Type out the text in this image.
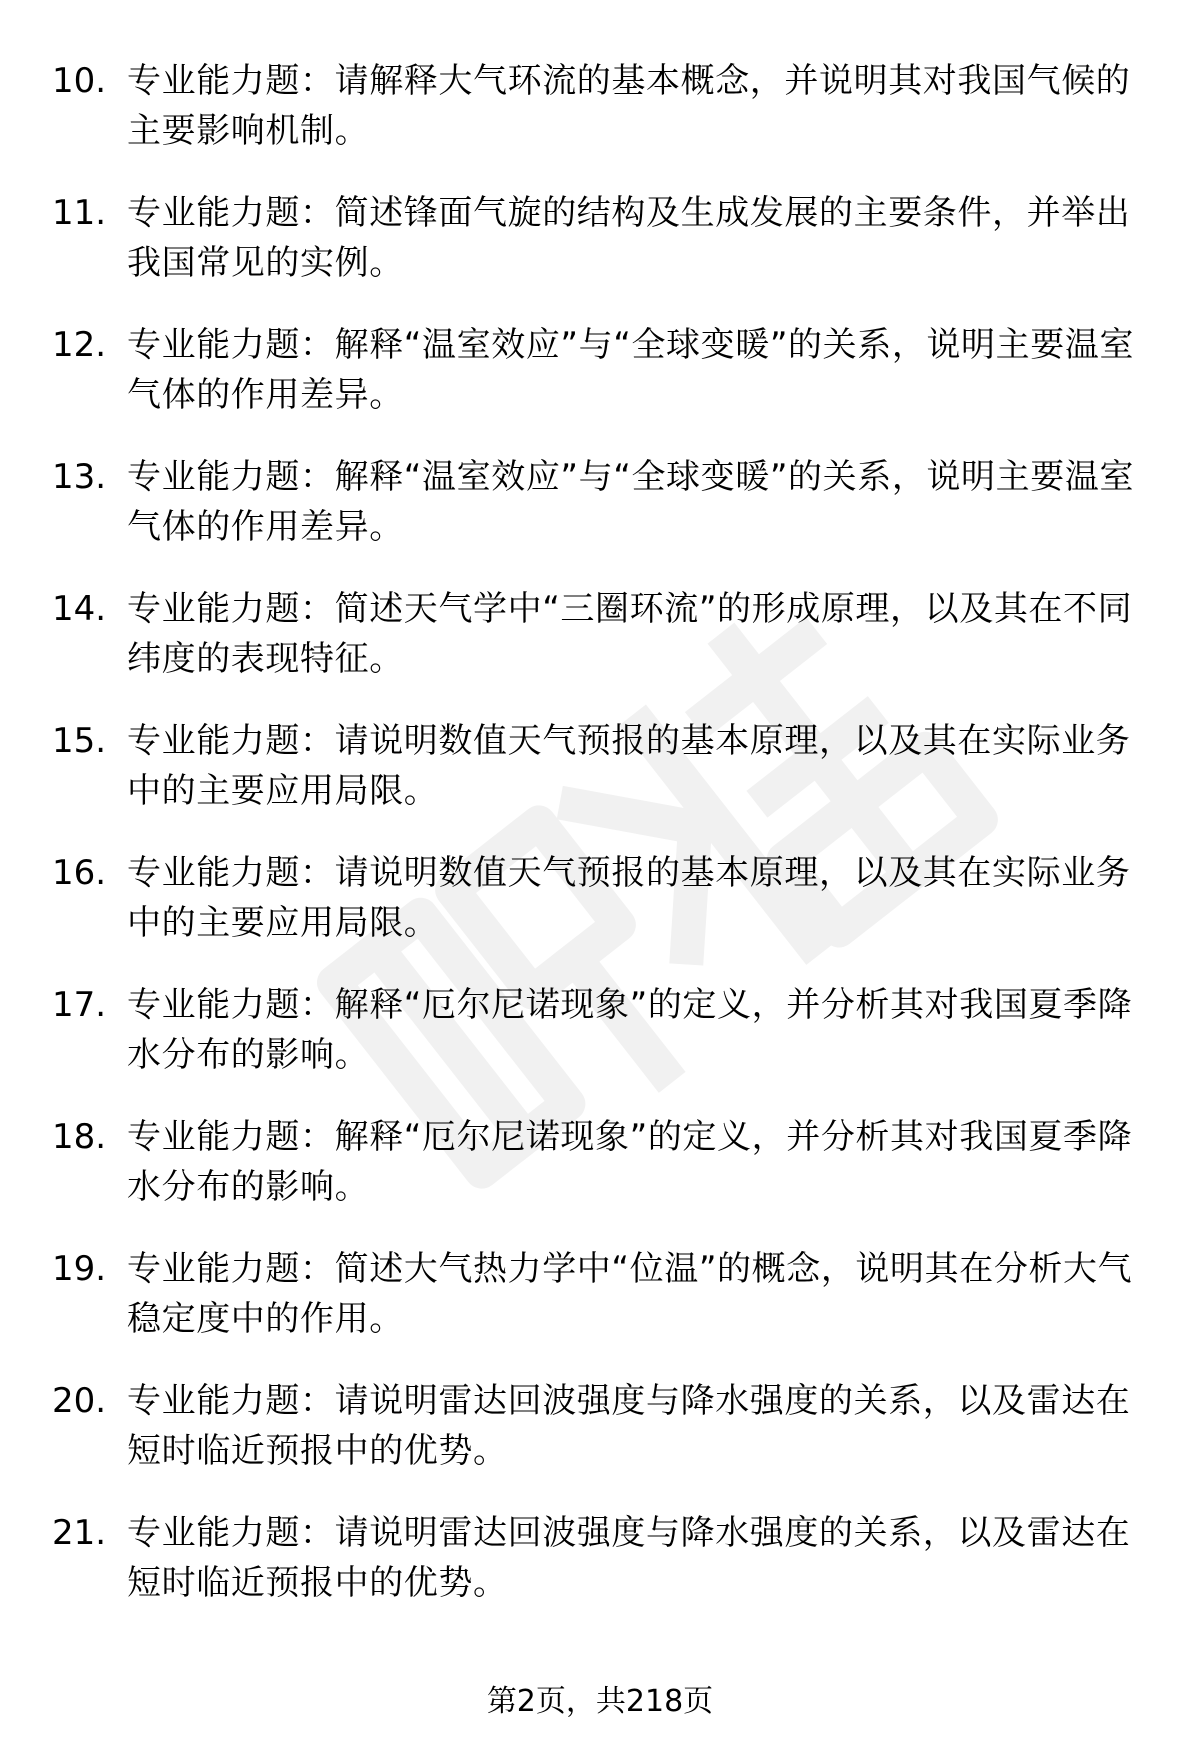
10. 专业能力题：请解释大气环流的基本概念，并说明其对我国气候的主要影响机制。
11. 专业能力题：简述锋面气旋的结构及生成发展的主要条件，并举出我国常见的实例。
12. 专业能力题：解释“温室效应”与“全球变暖”的关系，说明主要温室气体的作用差异。
13. 专业能力题：解释“温室效应”与“全球变暖”的关系，说明主要温室气体的作用差异。
14. 专业能力题：简述天气学中“三圈环流”的形成原理，以及其在不同纬度的表现特征。
15. 专业能力题：请说明数值天气预报的基本原理，以及其在实际业务中的主要应用局限。
16. 专业能力题：请说明数值天气预报的基本原理，以及其在实际业务中的主要应用局限。
17. 专业能力题：解释“厄尔尼诺现象”的定义，并分析其对我国夏季降水分布的影响。
18. 专业能力题：解释“厄尔尼诺现象”的定义，并分析其对我国夏季降水分布的影响。
19. 专业能力题：简述大气热力学中“位温”的概念，说明其在分析大气稳定度中的作用。
20. 专业能力题：请说明雷达回波强度与降水强度的关系，以及雷达在短时临近预报中的优势。
21. 专业能力题：请说明雷达回波强度与降水强度的关系，以及雷达在短时临近预报中的优势。
第2页，共218页
